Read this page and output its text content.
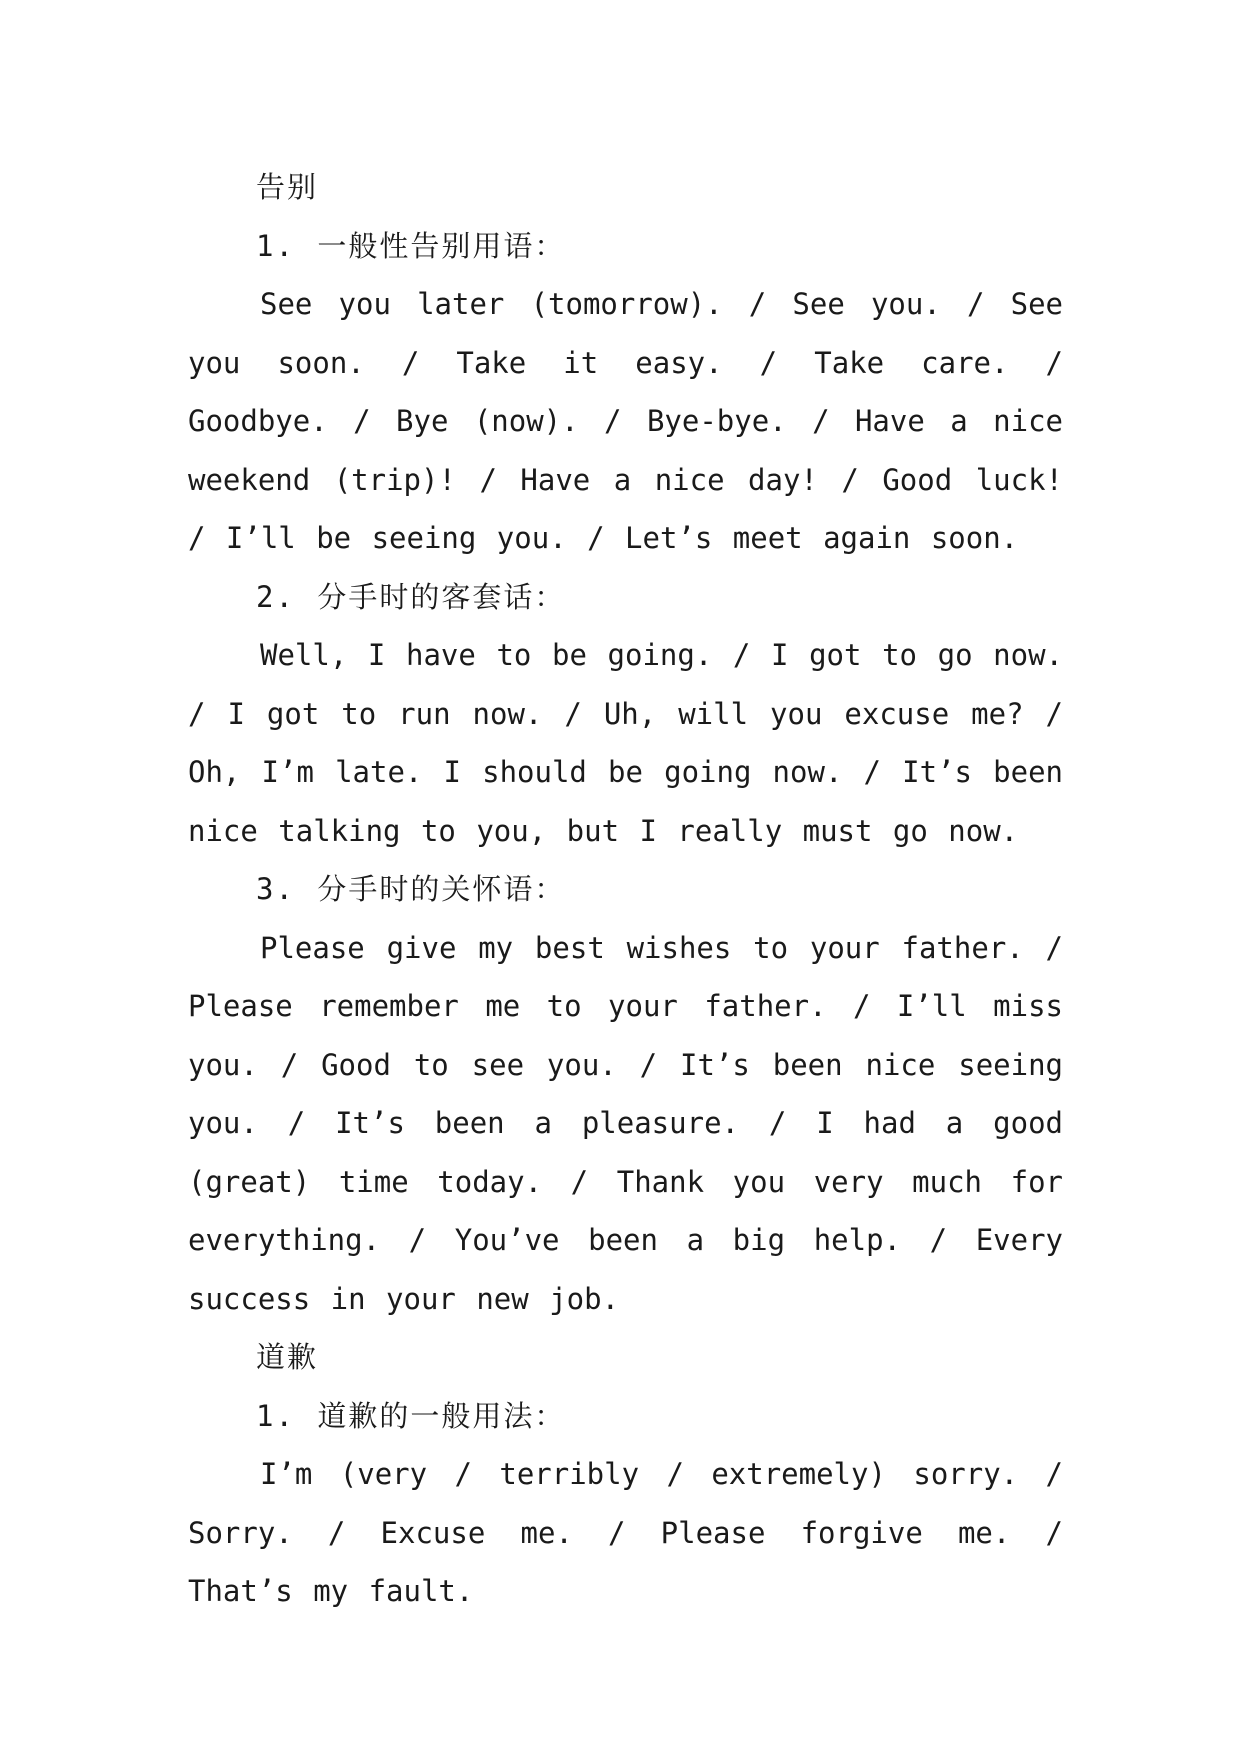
告别

1. 一般性告别用语：

See you later (tomorrow). / See you. / See you soon. / Take it easy. / Take care. / Goodbye. / Bye (now). / Bye-bye. / Have a nice weekend (trip)! / Have a nice day! / Good luck! / I’ll be seeing you. / Let’s meet again soon.

2. 分手时的客套话：

Well, I have to be going. / I got to go now. / I got to run now. / Uh, will you excuse me? / Oh, I’m late. I should be going now. / It’s been nice talking to you, but I really must go now.

3. 分手时的关怀语：

Please give my best wishes to your father. / Please remember me to your father. / I’ll miss you. / Good to see you. / It’s been nice seeing you. / It’s been a pleasure. / I had a good (great) time today. / Thank you very much for everything. / You’ve been a big help. / Every success in your new job.

道歉

1. 道歉的一般用法：

I’m (very / terribly / extremely) sorry. / Sorry. / Excuse me. / Please forgive me. / That’s my fault.
